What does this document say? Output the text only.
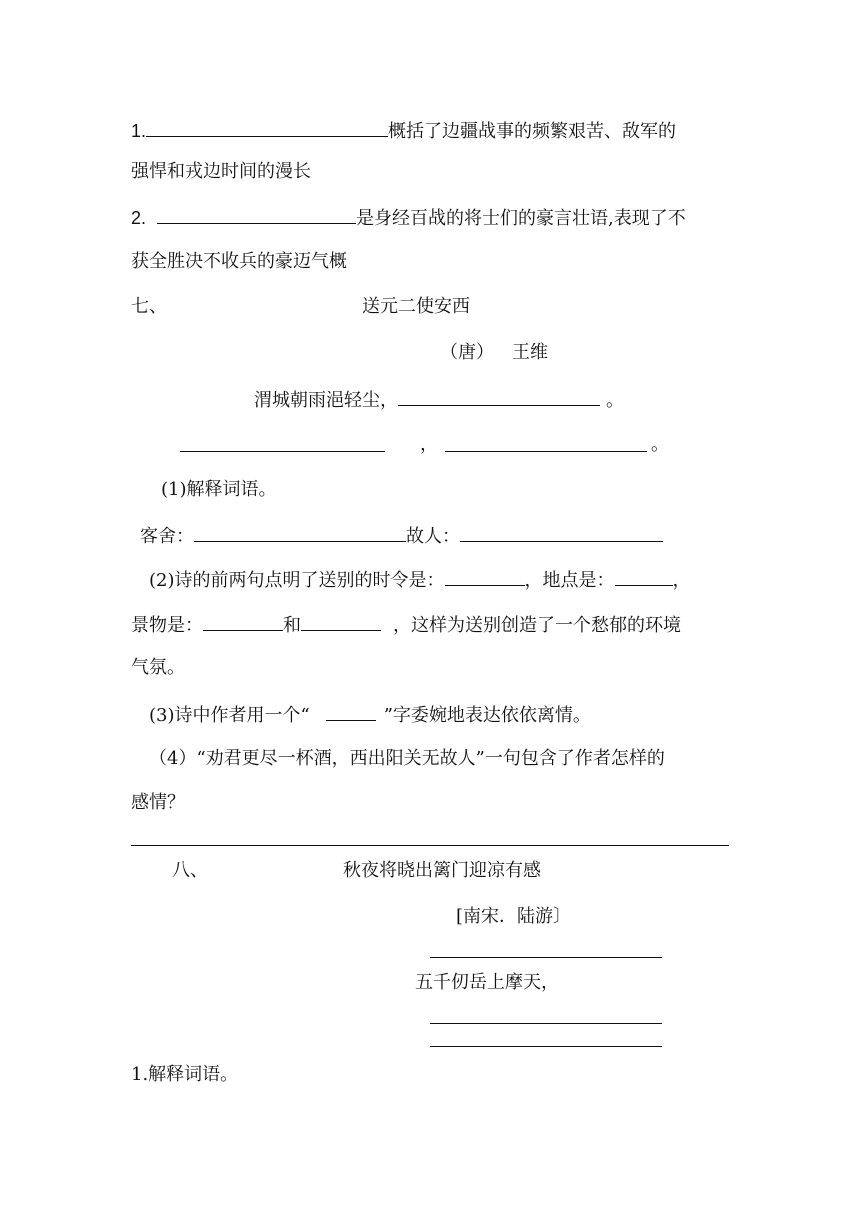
1.	概括了边疆战事的频繁艰苦、敌军的
强悍和戎边时间的漫长
2.	是身经百战的将士们的豪言壮语,表现了不
获全胜决不收兵的豪迈气概
七、	送元二使安西
（唐） 王维
渭城朝雨浥轻尘，	。
，	。
(1)解释词语。
客舍：	故人：
(2)诗的前两句点明了送别的时令是：	，地点是：	，
景物是：	和	，这样为送别创造了一个愁郁的环境
气氛。
(3)诗中作者用一个“	”字委婉地表达依依离情。
（4）“劝君更尽一杯酒，西出阳关无故人”一句包含了作者怎样的
感情？
八、	秋夜将晓出篱门迎凉有感
[南宋．陆游〕
五千仞岳上摩天，
1.解释词语。
